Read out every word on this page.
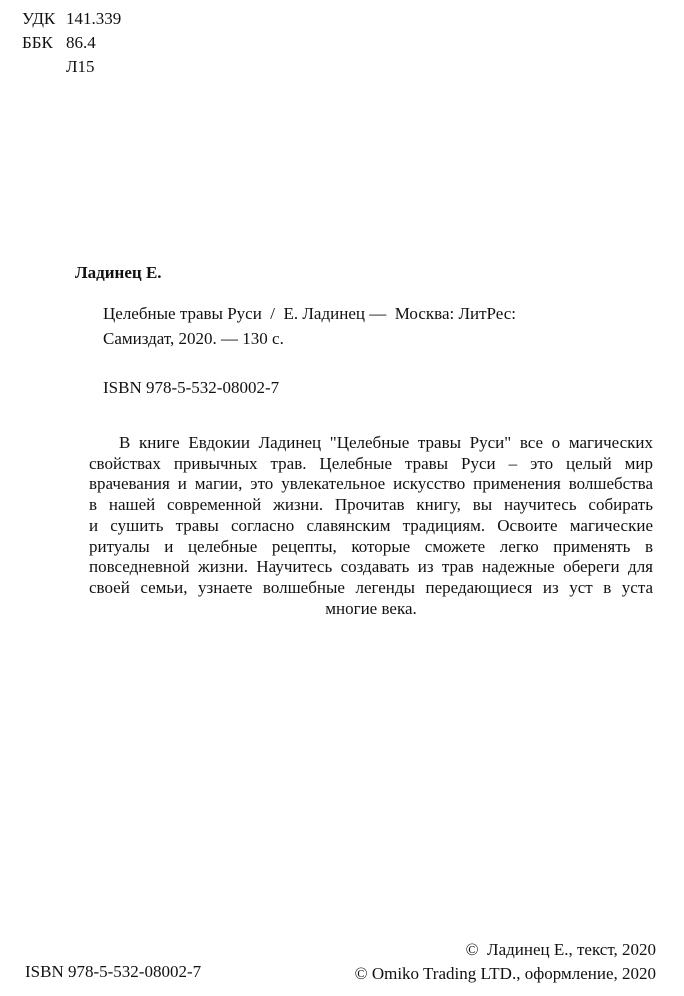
УДК 141.339
ББК 86.4
Л15
Ладинец Е.
Целебные травы Руси  /  Е. Ладинец —  Москва: ЛитРес:
Самиздат, 2020. — 130 с.
ISBN 978-5-532-08002-7
В книге Евдокии Ладинец "Целебные травы Руси" все о магических
свойствах привычных трав. Целебные травы Руси – это целый мир
врачевания и магии, это увлекательное искусство применения волшебства
в нашей современной жизни. Прочитав книгу, вы научитесь собирать
и сушить травы согласно славянским традициям. Освоите магические
ритуалы и целебные рецепты, которые сможете легко применять в
повседневной жизни. Научитесь создавать из трав надежные обереги для
своей семьи, узнаете волшебные легенды передающиеся из уст в уста
многие века.
ISBN 978-5-532-08002-7
©  Ладинец Е., текст, 2020
© Omiko Trading LTD., оформление, 2020
